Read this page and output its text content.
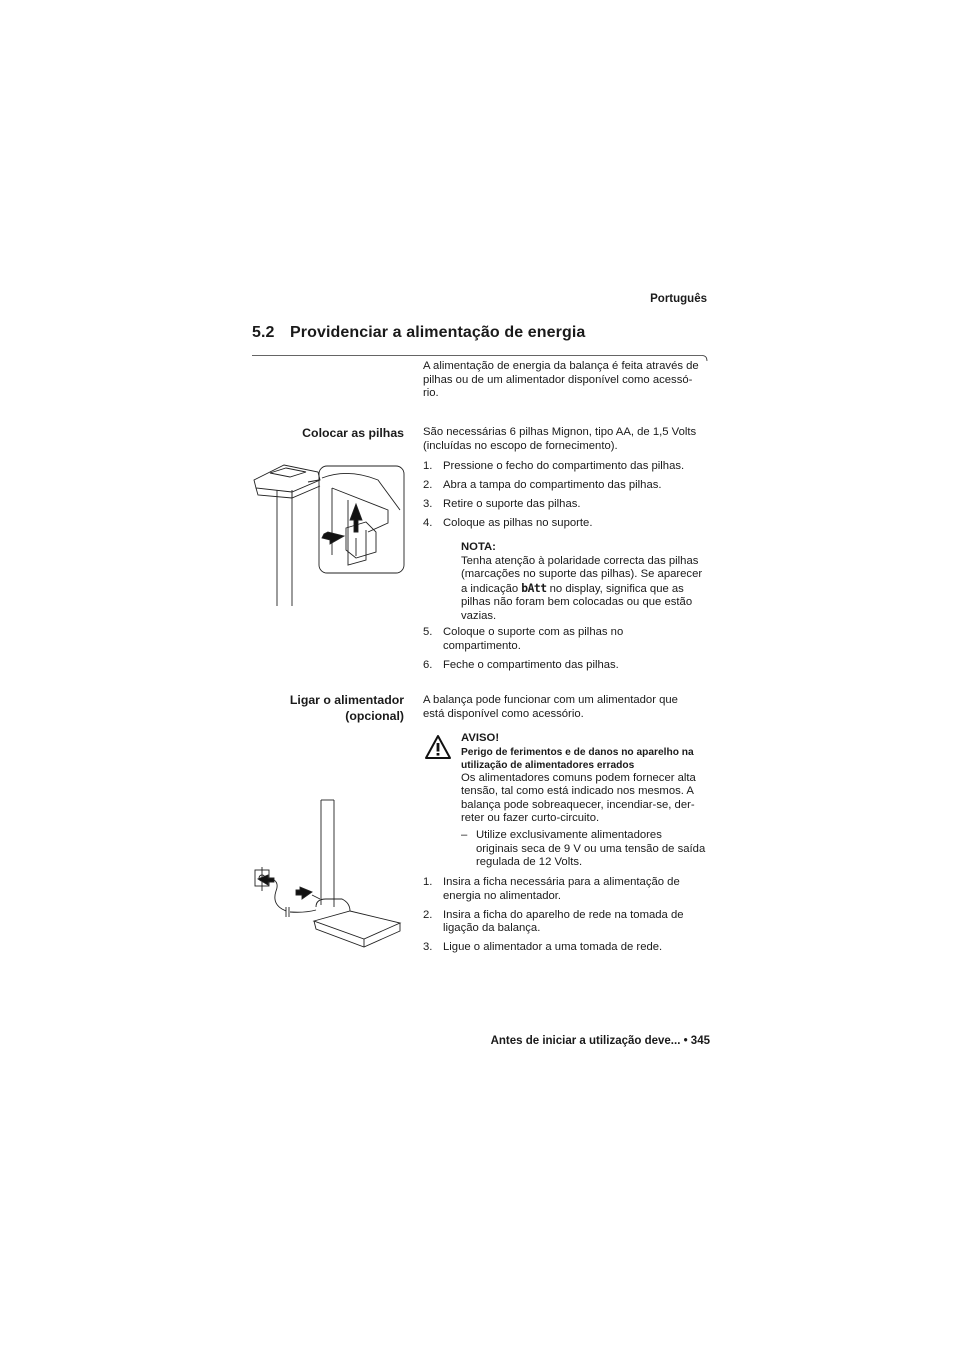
Português
5.2 Providenciar a alimentação de energia
A alimentação de energia da balança é feita através de
pilhas ou de um alimentador disponível como acessó-
rio.
Colocar as pilhas São necessárias 6 pilhas Mignon, tipo AA, de 1,5 Volts
(incluídas no escopo de fornecimento).
1. Pressione o fecho do compartimento das pilhas.
2. Abra a tampa do compartimento das pilhas.
3. Retire o suporte das pilhas.
4. Coloque as pilhas no suporte.
NOTA:
Tenha atenção à polaridade correcta das pilhas
(marcações no suporte das pilhas). Se aparecer
a indicação bAtt no display, significa que as
pilhas não foram bem colocadas ou que estão
vazias.
5. Coloque o suporte com as pilhas no
compartimento.
6. Feche o compartimento das pilhas.
Ligar o alimentador
(opcional)
A balança pode funcionar com um alimentador que
está disponível como acessório.
AVISO!
Perigo de ferimentos e de danos no aparelho na
utilização de alimentadores errados
Os alimentadores comuns podem fornecer alta
tensão, tal como está indicado nos mesmos. A
balança pode sobreaquecer, incendiar-se, der-
reter ou fazer curto-circuito.
– Utilize exclusivamente alimentadores
originais seca de 9 V ou uma tensão de saída
regulada de 12 Volts.
1. Insira a ficha necessária para a alimentação de
energia no alimentador.
2. Insira a ficha do aparelho de rede na tomada de
ligação da balança.
3. Ligue o alimentador a uma tomada de rede.
Antes de iniciar a utilização deve... • 345
